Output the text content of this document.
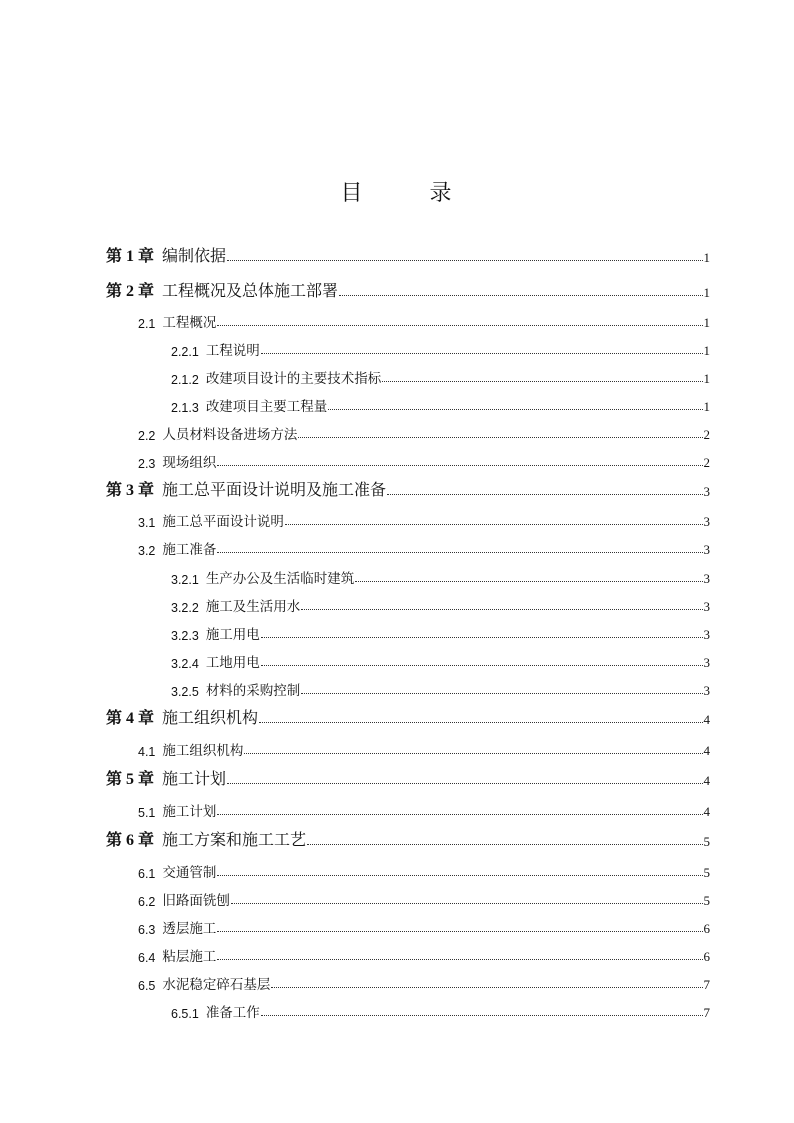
目 录
第 1 章 编制依据	1
第 2 章 工程概况及总体施工部署	1
2.1 工程概况	1
2.2.1 工程说明	1
2.1.2 改建项目设计的主要技术指标	1
2.1.3 改建项目主要工程量	1
2.2 人员材料设备进场方法	2
2.3 现场组织	2
第 3 章 施工总平面设计说明及施工准备	3
3.1 施工总平面设计说明	3
3.2 施工准备	3
3.2.1 生产办公及生活临时建筑	3
3.2.2 施工及生活用水	3
3.2.3 施工用电	3
3.2.4 工地用电	3
3.2.5 材料的采购控制	3
第 4 章 施工组织机构	4
4.1 施工组织机构	4
第 5 章 施工计划	4
5.1 施工计划	4
第 6 章 施工方案和施工工艺	5
6.1 交通管制	5
6.2 旧路面铣刨	5
6.3 透层施工	6
6.4 粘层施工	6
6.5 水泥稳定碎石基层	7
6.5.1 准备工作	7
